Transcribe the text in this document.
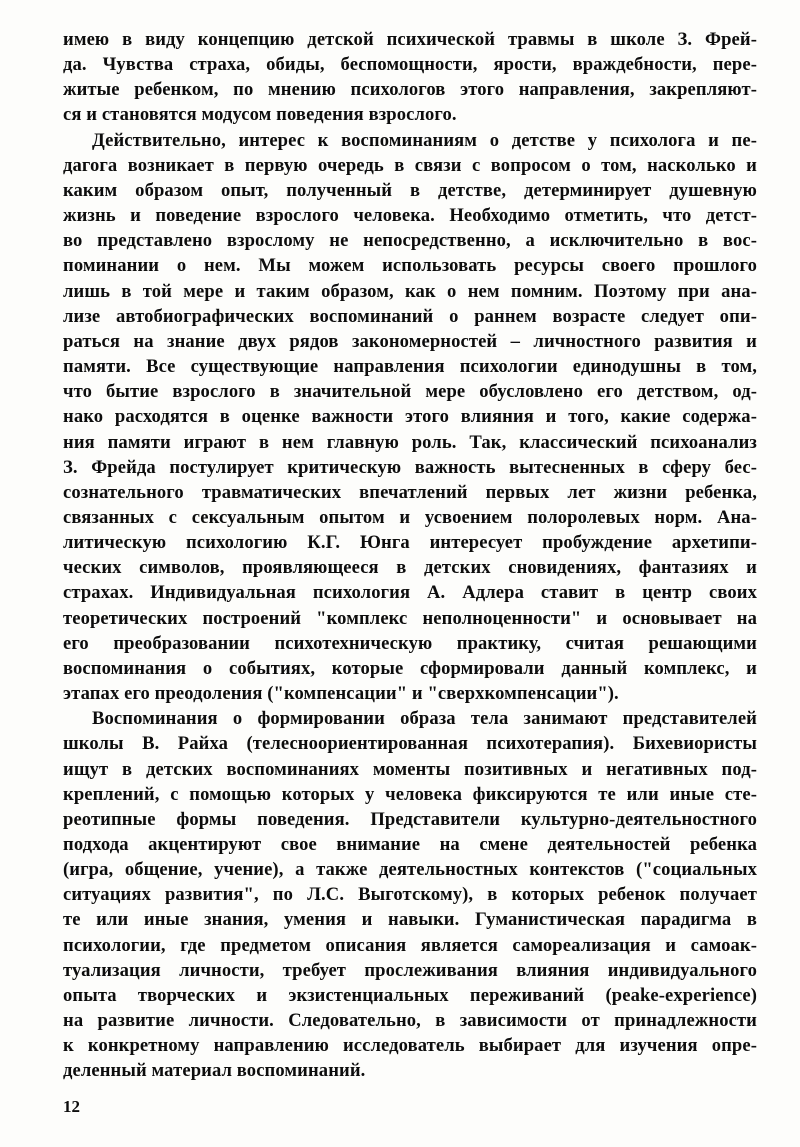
имею в виду концепцию детской психической травмы в школе З. Фрей-
да. Чувства страха, обиды, беспомощности, ярости, враждебности, пере-
житые ребенком, по мнению психологов этого направления, закрепляют-
ся и становятся модусом поведения взрослого.
Действительно, интерес к воспоминаниям о детстве у психолога и пе-
дагога возникает в первую очередь в связи с вопросом о том, насколько и
каким образом опыт, полученный в детстве, детерминирует душевную
жизнь и поведение взрослого человека. Необходимо отметить, что детст-
во представлено взрослому не непосредственно, а исключительно в вос-
поминании о нем. Мы можем использовать ресурсы своего прошлого
лишь в той мере и таким образом, как о нем помним. Поэтому при ана-
лизе автобиографических воспоминаний о раннем возрасте следует опи-
раться на знание двух рядов закономерностей – личностного развития и
памяти. Все существующие направления психологии единодушны в том,
что бытие взрослого в значительной мере обусловлено его детством, од-
нако расходятся в оценке важности этого влияния и того, какие содержа-
ния памяти играют в нем главную роль. Так, классический психоанализ
З. Фрейда постулирует критическую важность вытесненных в сферу бес-
сознательного травматических впечатлений первых лет жизни ребенка,
связанных с сексуальным опытом и усвоением полоролевых норм. Ана-
литическую психологию К.Г. Юнга интересует пробуждение архетипи-
ческих символов, проявляющееся в детских сновидениях, фантазиях и
страхах. Индивидуальная психология А. Адлера ставит в центр своих
теоретических построений "комплекс неполноценности" и основывает на
его преобразовании психотехническую практику, считая решающими
воспоминания о событиях, которые сформировали данный комплекс, и
этапах его преодоления ("компенсации" и "сверхкомпенсации").
Воспоминания о формировании образа тела занимают представителей
школы В. Райха (телесноориентированная психотерапия). Бихевиористы
ищут в детских воспоминаниях моменты позитивных и негативных под-
креплений, с помощью которых у человека фиксируются те или иные сте-
реотипные формы поведения. Представители культурно-деятельностного
подхода акцентируют свое внимание на смене деятельностей ребенка
(игра, общение, учение), а также деятельностных контекстов ("социальных
ситуациях развития", по Л.С. Выготскому), в которых ребенок получает
те или иные знания, умения и навыки. Гуманистическая парадигма в
психологии, где предметом описания является самореализация и самоак-
туализация личности, требует прослеживания влияния индивидуального
опыта творческих и экзистенциальных переживаний (peake-experience)
на развитие личности. Следовательно, в зависимости от принадлежности
к конкретному направлению исследователь выбирает для изучения опре-
деленный материал воспоминаний.
12
